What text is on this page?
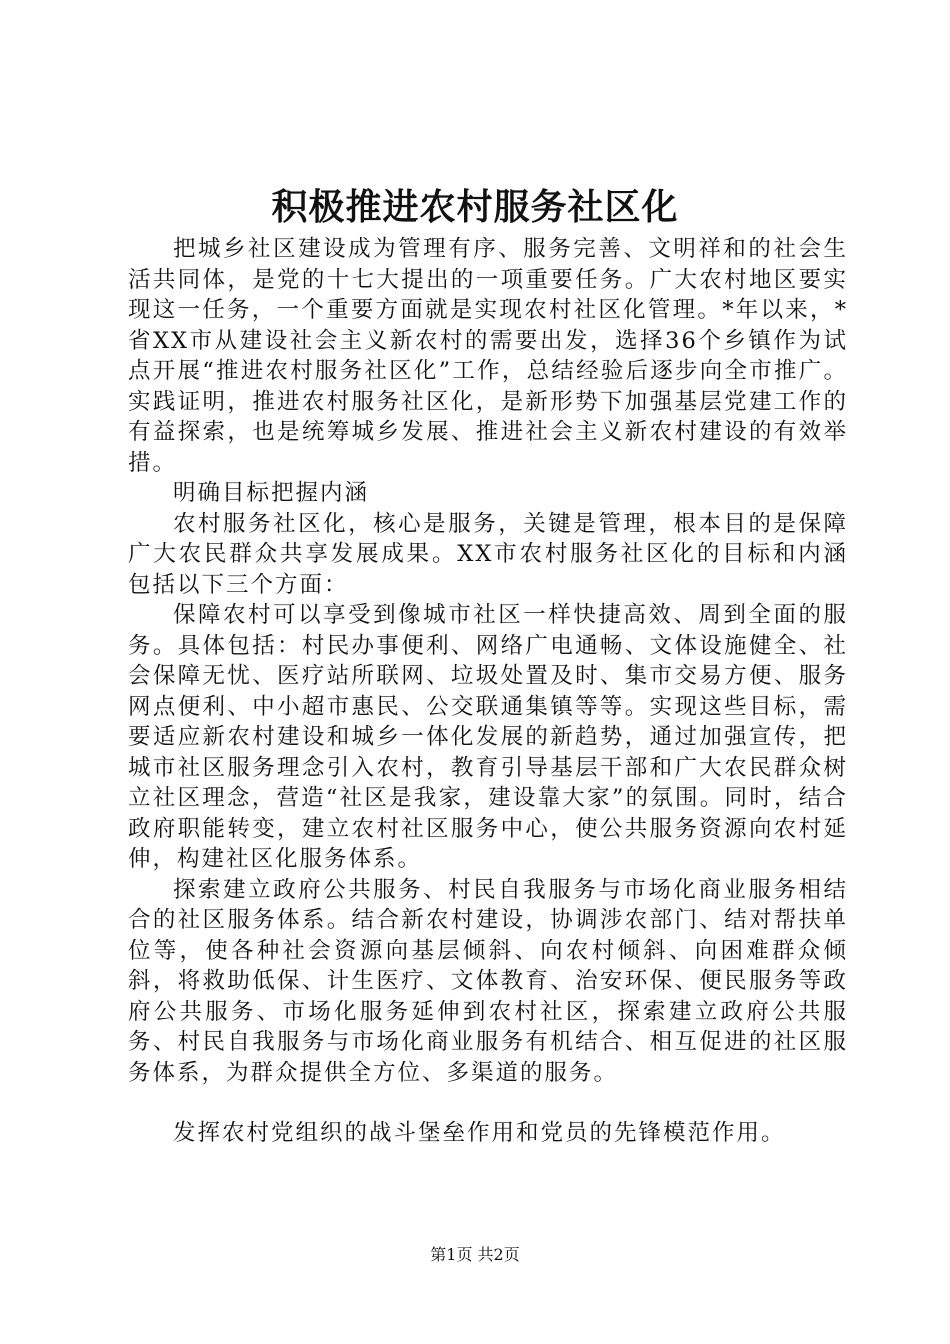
积极推进农村服务社区化

把城乡社区建设成为管理有序、服务完善、文明祥和的社会生活共同体，是党的十七大提出的一项重要任务。广大农村地区要实现这一任务，一个重要方面就是实现农村社区化管理。*年以来，*省XX市从建设社会主义新农村的需要出发，选择36个乡镇作为试点开展“推进农村服务社区化”工作，总结经验后逐步向全市推广。实践证明，推进农村服务社区化，是新形势下加强基层党建工作的有益探索，也是统筹城乡发展、推进社会主义新农村建设的有效举措。

明确目标把握内涵

农村服务社区化，核心是服务，关键是管理，根本目的是保障广大农民群众共享发展成果。XX市农村服务社区化的目标和内涵包括以下三个方面：

保障农村可以享受到像城市社区一样快捷高效、周到全面的服务。具体包括：村民办事便利、网络广电通畅、文体设施健全、社会保障无忧、医疗站所联网、垃圾处置及时、集市交易方便、服务网点便利、中小超市惠民、公交联通集镇等等。实现这些目标，需要适应新农村建设和城乡一体化发展的新趋势，通过加强宣传，把城市社区服务理念引入农村，教育引导基层干部和广大农民群众树立社区理念，营造“社区是我家，建设靠大家”的氛围。同时，结合政府职能转变，建立农村社区服务中心，使公共服务资源向农村延伸，构建社区化服务体系。

探索建立政府公共服务、村民自我服务与市场化商业服务相结合的社区服务体系。结合新农村建设，协调涉农部门、结对帮扶单位等，使各种社会资源向基层倾斜、向农村倾斜、向困难群众倾斜，将救助低保、计生医疗、文体教育、治安环保、便民服务等政府公共服务、市场化服务延伸到农村社区，探索建立政府公共服务、村民自我服务与市场化商业服务有机结合、相互促进的社区服务体系，为群众提供全方位、多渠道的服务。

发挥农村党组织的战斗堡垒作用和党员的先锋模范作用。

第1页 共2页
